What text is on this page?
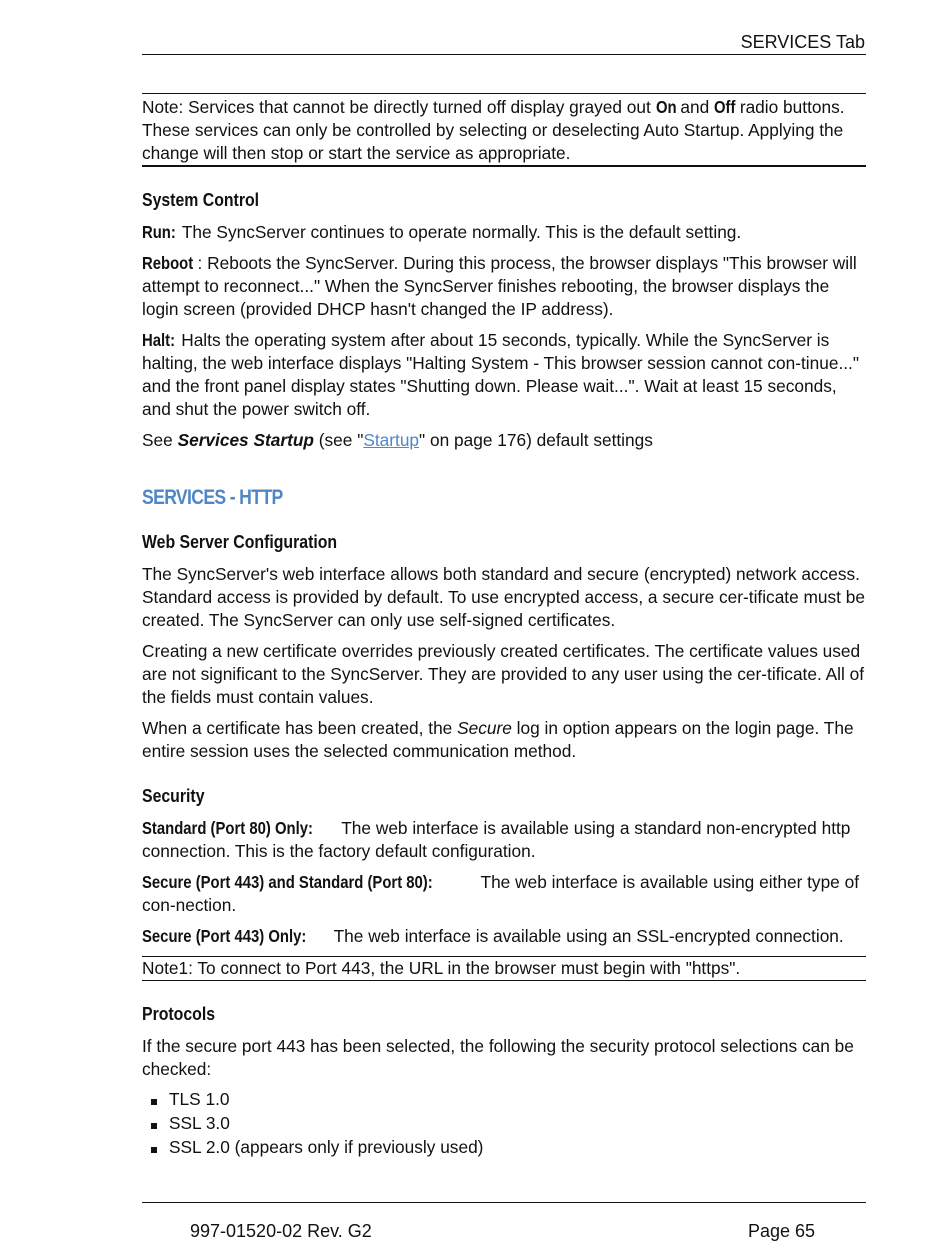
SERVICES Tab
Note: Services that cannot be directly turned off display grayed out On and Off radio buttons. These services can only be controlled by selecting or deselecting Auto Startup. Applying the change will then stop or start the service as appropriate.
System Control

Run: The SyncServer continues to operate normally. This is the default setting.

Reboot : Reboots the SyncServer. During this process, the browser displays "This browser will attempt to reconnect..." When the SyncServer finishes rebooting, the browser displays the login screen (provided DHCP hasn't changed the IP address).

Halt: Halts the operating system after about 15 seconds, typically. While the SyncServer is halting, the web interface displays "Halting System - This browser session cannot con-tinue..." and the front panel display states "Shutting down. Please wait...". Wait at least 15 seconds, and shut the power switch off.

See Services Startup (see "Startup" on page 176) default settings

SERVICES - HTTP
Web Server Configuration

The SyncServer's web interface allows both standard and secure (encrypted) network access. Standard access is provided by default. To use encrypted access, a secure cer-tificate must be created. The SyncServer can only use self-signed certificates.

Creating a new certificate overrides previously created certificates. The certificate values used are not significant to the SyncServer. They are provided to any user using the cer-tificate. All of the fields must contain values.

When a certificate has been created, the Secure log in option appears on the login page. The entire session uses the selected communication method.

Security

Standard (Port 80) Only: The web interface is available using a standard non-encrypted http connection. This is the factory default configuration.

Secure (Port 443) and Standard (Port 80):	The web interface is available using either type of con-nection.

Secure (Port 443) Only: The web interface is available using an SSL-encrypted connection.

Note1: To connect to Port 443, the URL in the browser must begin with "https".
Protocols

If the secure port 443 has been selected, the following the security protocol selections can be checked:

TLS 1.0
SSL 3.0
SSL 2.0 (appears only if previously used)
997-01520-02 Rev. G2	Page 65
